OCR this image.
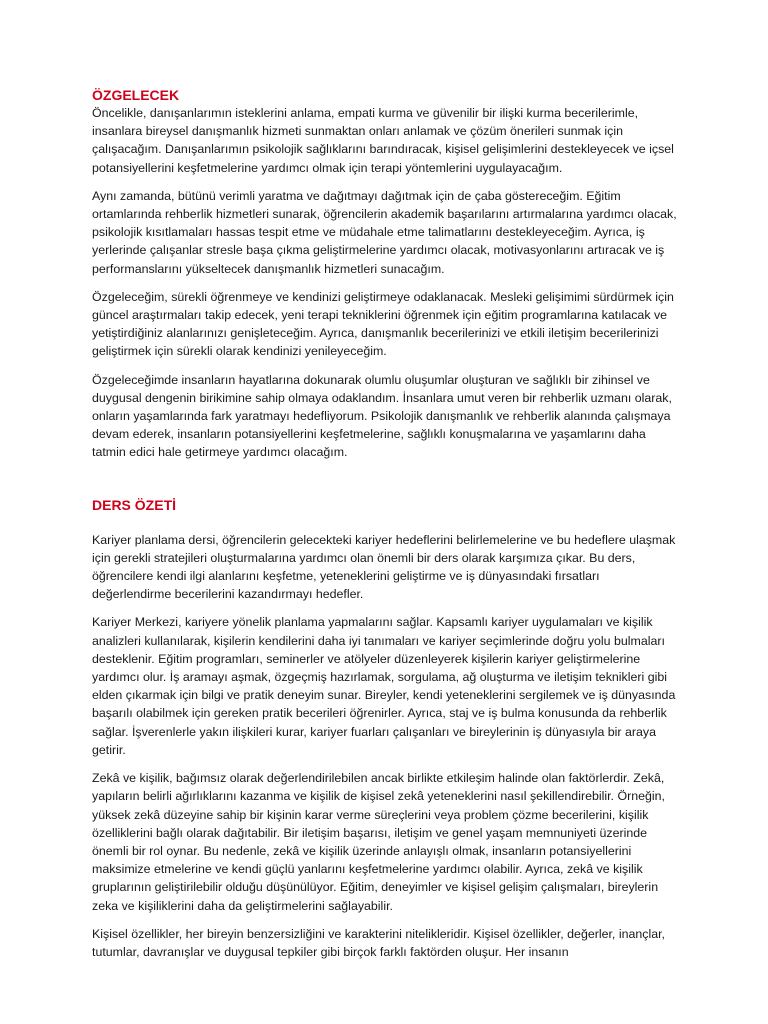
ÖZGELECEK

Öncelikle, danışanlarımın isteklerini anlama, empati kurma ve güvenilir bir ilişki kurma becerilerimle, insanlara bireysel danışmanlık hizmeti sunmaktan onları anlamak ve çözüm önerileri sunmak için çalışacağım. Danışanlarımın psikolojik sağlıklarını barındıracak, kişisel gelişimlerini destekleyecek ve içsel potansiyellerini keşfetmelerine yardımcı olmak için terapi yöntemlerini uygulayacağım.

Aynı zamanda, bütünü verimli yaratma ve dağıtmayı dağıtmak için de çaba göstereceğim. Eğitim ortamlarında rehberlik hizmetleri sunarak, öğrencilerin akademik başarılarını artırmalarına yardımcı olacak, psikolojik kısıtlamaları hassas tespit etme ve müdahale etme talimatlarını destekleyeceğim. Ayrıca, iş yerlerinde çalışanlar stresle başa çıkma geliştirmelerine yardımcı olacak, motivasyonlarını artıracak ve iş performanslarını yükseltecek danışmanlık hizmetleri sunacağım.

Özgeleceğim, sürekli öğrenmeye ve kendinizi geliştirmeye odaklanacak. Mesleki gelişimimi sürdürmek için güncel araştırmaları takip edecek, yeni terapi tekniklerini öğrenmek için eğitim programlarına katılacak ve yetiştirdiğiniz alanlarınızı genişleteceğim. Ayrıca, danışmanlık becerilerinizi ve etkili iletişim becerilerinizi geliştirmek için sürekli olarak kendinizi yenileyeceğim.

Özgeleceğimde insanların hayatlarına dokunarak olumlu oluşumlar oluşturan ve sağlıklı bir zihinsel ve duygusal dengenin birikimine sahip olmaya odaklandım. İnsanlara umut veren bir rehberlik uzmanı olarak, onların yaşamlarında fark yaratmayı hedefliyorum. Psikolojik danışmanlık ve rehberlik alanında çalışmaya devam ederek, insanların potansiyellerini keşfetmelerine, sağlıklı konuşmalarına ve yaşamlarını daha tatmin edici hale getirmeye yardımcı olacağım.

DERS ÖZETİ

Kariyer planlama dersi, öğrencilerin gelecekteki kariyer hedeflerini belirlemelerine ve bu hedeflere ulaşmak için gerekli stratejileri oluşturmalarına yardımcı olan önemli bir ders olarak karşımıza çıkar. Bu ders, öğrencilere kendi ilgi alanlarını keşfetme, yeteneklerini geliştirme ve iş dünyasındaki fırsatları değerlendirme becerilerini kazandırmayı hedefler.

Kariyer Merkezi, kariyere yönelik planlama yapmalarını sağlar. Kapsamlı kariyer uygulamaları ve kişilik analizleri kullanılarak, kişilerin kendilerini daha iyi tanımaları ve kariyer seçimlerinde doğru yolu bulmaları desteklenir. Eğitim programları, seminerler ve atölyeler düzenleyerek kişilerin kariyer geliştirmelerine yardımcı olur. İş aramayı aşmak, özgeçmiş hazırlamak, sorgulama, ağ oluşturma ve iletişim teknikleri gibi elden çıkarmak için bilgi ve pratik deneyim sunar. Bireyler, kendi yeteneklerini sergilemek ve iş dünyasında başarılı olabilmek için gereken pratik becerileri öğrenirler. Ayrıca, staj ve iş bulma konusunda da rehberlik sağlar. İşverenlerle yakın ilişkileri kurar, kariyer fuarları çalışanları ve bireylerinin iş dünyasıyla bir araya getirir.

Zekâ ve kişilik, bağımsız olarak değerlendirilebilen ancak birlikte etkileşim halinde olan faktörlerdir. Zekâ, yapıların belirli ağırlıklarını kazanma ve kişilik de kişisel zekâ yeteneklerini nasıl şekillendirebilir. Örneğin, yüksek zekâ düzeyine sahip bir kişinin karar verme süreçlerini veya problem çözme becerilerini, kişilik özelliklerini bağlı olarak dağıtabilir. Bir iletişim başarısı, iletişim ve genel yaşam memnuniyeti üzerinde önemli bir rol oynar. Bu nedenle, zekâ ve kişilik üzerinde anlayışlı olmak, insanların potansiyellerini maksimize etmelerine ve kendi güçlü yanlarını keşfetmelerine yardımcı olabilir. Ayrıca, zekâ ve kişilik gruplarının geliştirilebilir olduğu düşünülüyor. Eğitim, deneyimler ve kişisel gelişim çalışmaları, bireylerin zeka ve kişiliklerini daha da geliştirmelerini sağlayabilir.

Kişisel özellikler, her bireyin benzersizliğini ve karakterini nitelikleridir. Kişisel özellikler, değerler, inançlar, tutumlar, davranışlar ve duygusal tepkiler gibi birçok farklı faktörden oluşur. Her insanın
